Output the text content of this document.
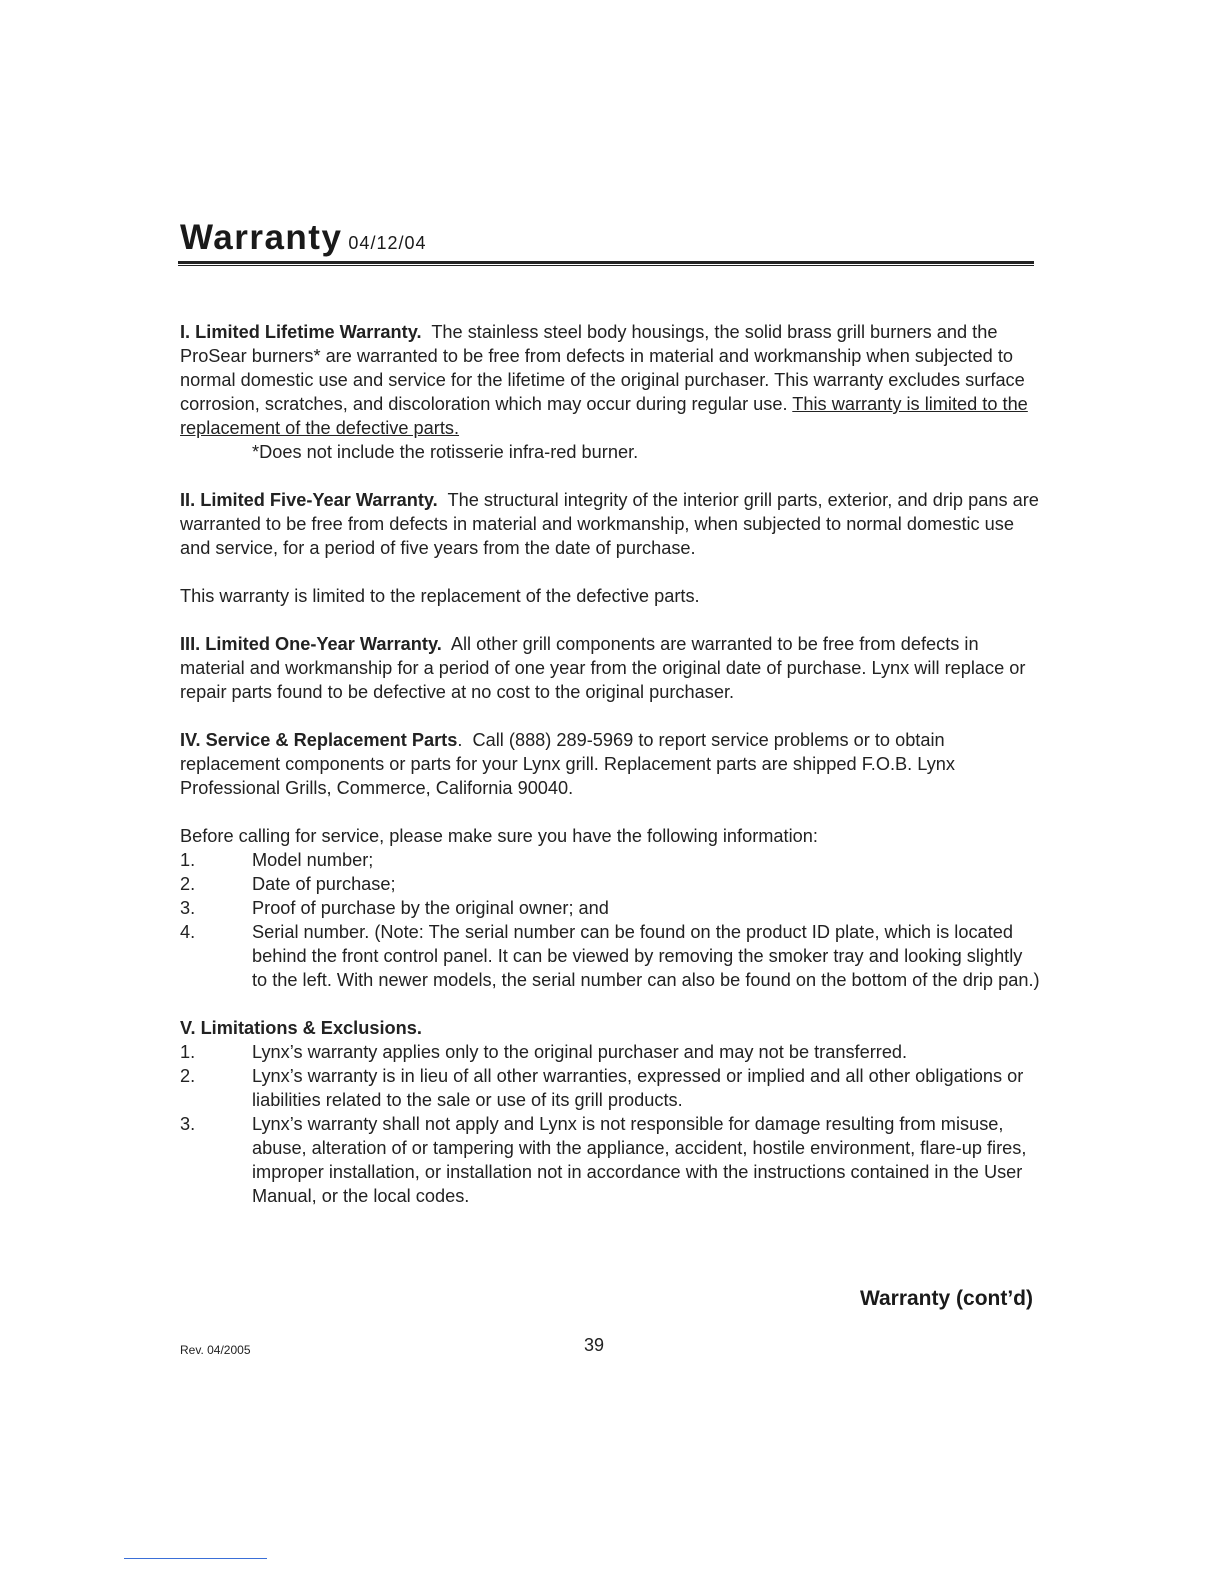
Warranty 04/12/04

I. Limited Lifetime Warranty. The stainless steel body housings, the solid brass grill burners and the ProSear burners* are warranted to be free from defects in material and workmanship when subjected to normal domestic use and service for the lifetime of the original purchaser. This warranty excludes surface corrosion, scratches, and discoloration which may occur during regular use. This warranty is limited to the replacement of the defective parts.

*Does not include the rotisserie infra-red burner.

II. Limited Five-Year Warranty. The structural integrity of the interior grill parts, exterior, and drip pans are warranted to be free from defects in material and workmanship, when subjected to normal domestic use and service, for a period of five years from the date of purchase.

This warranty is limited to the replacement of the defective parts.

III. Limited One-Year Warranty. All other grill components are warranted to be free from defects in material and workmanship for a period of one year from the original date of purchase. Lynx will replace or repair parts found to be defective at no cost to the original purchaser.

IV. Service & Replacement Parts.  Call (888) 289-5969 to report service problems or to obtain replacement components or parts for your Lynx grill. Replacement parts are shipped F.O.B. Lynx Professional Grills, Commerce, California 90040.

Before calling for service, please make sure you have the following information:

1.	Model number;
2.	Date of purchase;
3.	Proof of purchase by the original owner; and
4.	Serial number. (Note: The serial number can be found on the product ID plate, which is located behind the front control panel. It can be viewed by removing the smoker tray and looking slightly to the left. With newer models, the serial number can also be found on the bottom of the drip pan.)

V. Limitations & Exclusions.

1.	Lynx’s warranty applies only to the original purchaser and may not be transferred.
2.	Lynx’s warranty is in lieu of all other warranties, expressed or implied and all other obligations or liabilities related to the sale or use of its grill products.
3.	Lynx’s warranty shall not apply and Lynx is not responsible for damage resulting from misuse, abuse, alteration of or tampering with the appliance, accident, hostile environment, flare-up fires, improper installation, or installation not in accordance with the instructions contained in the User Manual, or the local codes.
Warranty (cont’d)
Rev. 04/2005	39
